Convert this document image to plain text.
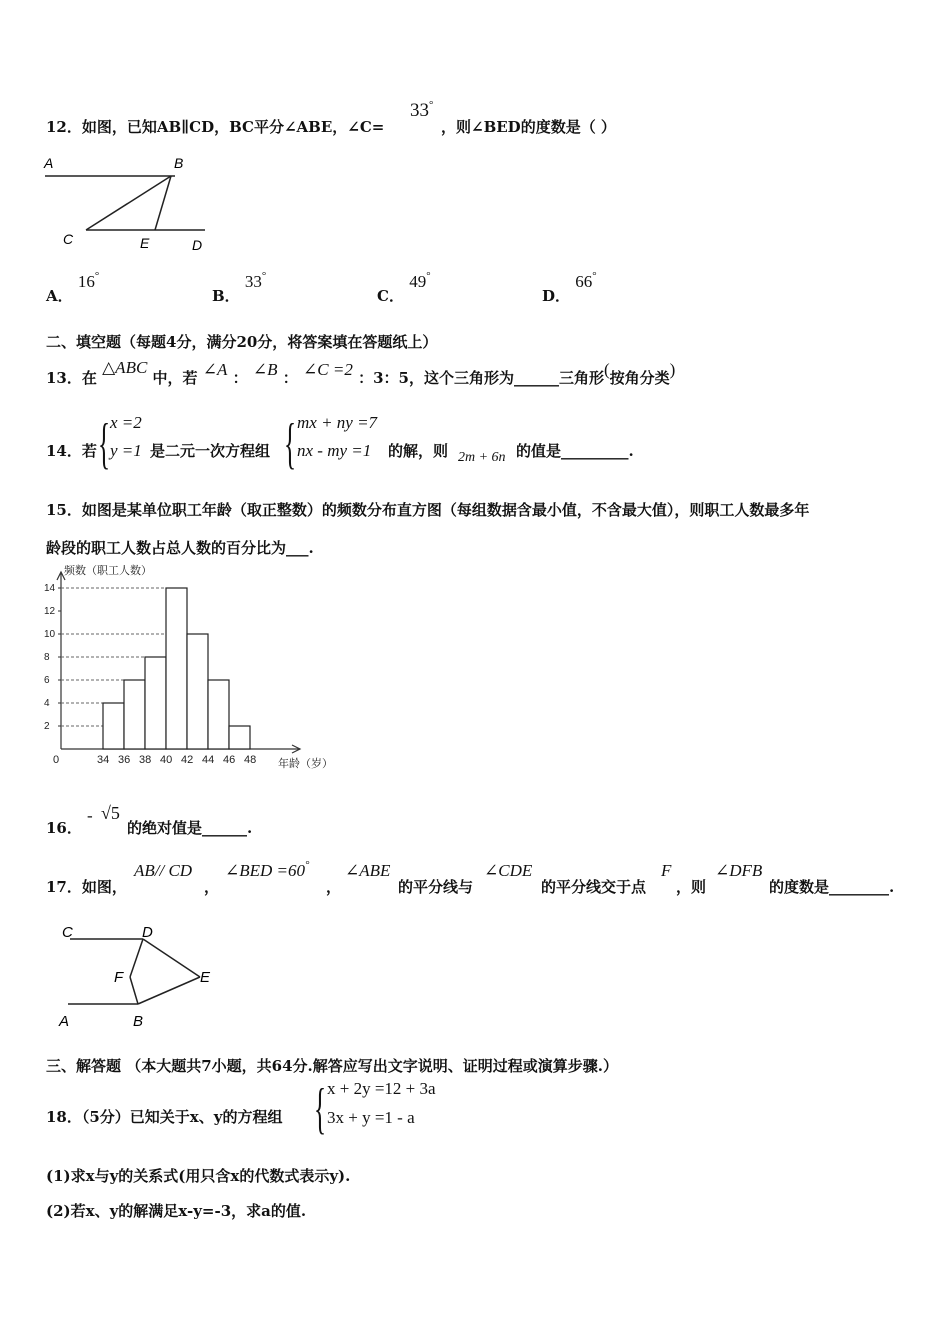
12．如图，已知AB∥CD，BC平分∠ABE，∠C=
33°
，则∠BED的度数是（ ）
A	B
C	E	D
A． 16°
B． 33°
C． 49°
D． 66°
二、填空题（每题4分，满分20分，将答案填在答题纸上）
13．在 △ABC 中，若 ∠A ： ∠B ： ∠C =2 ：3：5，这个三角形为______三角形(按角分类)
14．若 { x =2
y =1 是二元一次方程组 { mx + ny =7
nx - my =1 的解，则 2m + 6n 的值是_________.
15．如图是某单位职工年龄（取正整数）的频数分布直方图（每组数据含最小值，不含最大值），则职工人数最多年
龄段的职工人数占总人数的百分比为___.
2
4
6
8
10
12
14
0	34 36 38 40 42 44 46 48
频数（职工人数）
年龄（岁）
16．
- √5
的绝对值是______.
17．如图，
AB// CD
，
∠BED =60°
，
∠ABE
的平分线与
∠CDE
的平分线交于点
F
，则
∠DFB
的度数是________.
C	D
F	E
A	B
三、解答题 （本大题共7小题，共64分.解答应写出文字说明、证明过程或演算步骤.）
18．（5分）已知关于x、y的方程组 { x + 2y =12 + 3a
3x + y =1 - a
(1)求x与y的关系式(用只含x的代数式表示y).
(2)若x、y的解满足x-y=-3，求a的值.
